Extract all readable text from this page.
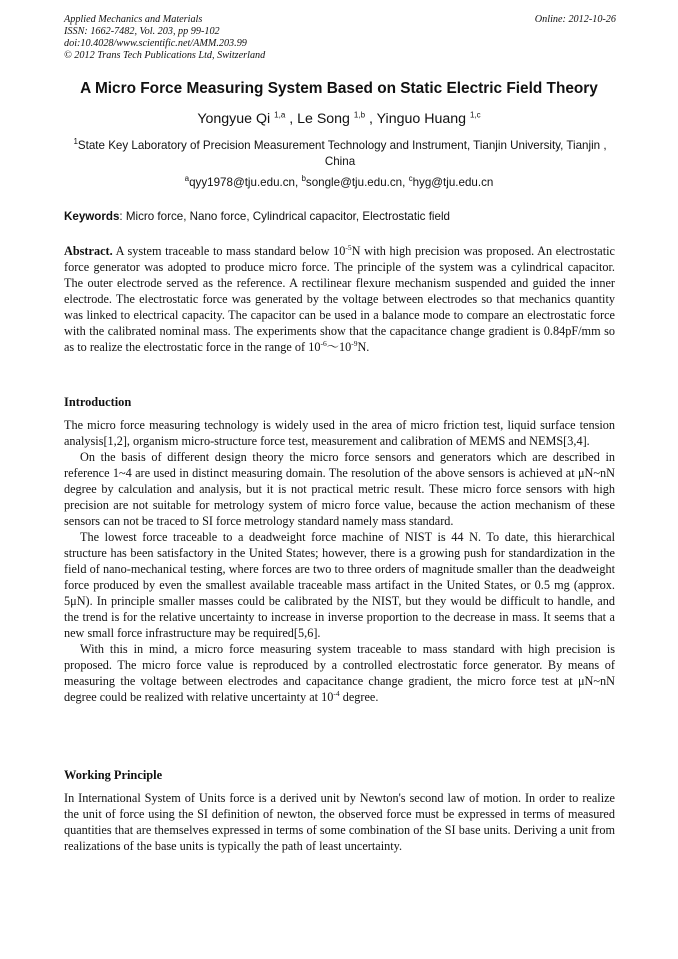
Applied Mechanics and Materials
ISSN: 1662-7482, Vol. 203, pp 99-102
doi:10.4028/www.scientific.net/AMM.203.99
© 2012 Trans Tech Publications Ltd, Switzerland
Online: 2012-10-26
A Micro Force Measuring System Based on Static Electric Field Theory
Yongyue Qi $^{1,a}$ , Le Song $^{1,b}$ , Yinguo Huang $^{1,c}$
$^1$State Key Laboratory of Precision Measurement Technology and Instrument, Tianjin University, Tianjin , China
$^a$qyy1978@tju.edu.cn, $^b$songle@tju.edu.cn, $^c$hyg@tju.edu.cn
Keywords: Micro force, Nano force, Cylindrical capacitor, Electrostatic field
Abstract. A system traceable to mass standard below $10^{-5}N$ with high precision was proposed. An electrostatic force generator was adopted to produce micro force. The principle of the system was a cylindrical capacitor. The outer electrode served as the reference. A rectilinear flexure mechanism suspended and guided the inner electrode. The electrostatic force was generated by the voltage between electrodes so that mechanics quantity was linked to electrical capacity. The capacitor can be used in a balance mode to compare an electrostatic force with the calibrated nominal mass. The experiments show that the capacitance change gradient is 0.84pF/mm so as to realize the electrostatic force in the range of $10^{-6}\sim 10^{-9}N$.
Introduction

The micro force measuring technology is widely used in the area of micro friction test, liquid surface tension analysis[1,2], organism micro-structure force test, measurement and calibration of MEMS and NEMS[3,4].

On the basis of different design theory the micro force sensors and generators which are described in reference 1~4 are used in distinct measuring domain. The resolution of the above sensors is achieved at μN~nN degree by calculation and analysis, but it is not practical metric result. These micro force sensors with high precision are not suitable for metrology system of micro force value, because the action mechanism of these sensors can not be traced to SI force metrology standard namely mass standard.

The lowest force traceable to a deadweight force machine of NIST is 44 N. To date, this hierarchical structure has been satisfactory in the United States; however, there is a growing push for standardization in the field of nano-mechanical testing, where forces are two to three orders of magnitude smaller than the deadweight force produced by even the smallest available traceable mass artifact in the United States, or 0.5 mg (approx. 5μN). In principle smaller masses could be calibrated by the NIST, but they would be difficult to handle, and the trend is for the relative uncertainty to increase in inverse proportion to the decrease in mass. It seems that a new small force infrastructure may be required[5,6].

With this in mind, a micro force measuring system traceable to mass standard with high precision is proposed. The micro force value is reproduced by a controlled electrostatic force generator. By means of measuring the voltage between electrodes and capacitance change gradient, the micro force test at μN~nN degree could be realized with relative uncertainty at $10^{-4}$ degree.

Working Principle

In International System of Units force is a derived unit by Newton's second law of motion. In order to realize the unit of force using the SI definition of newton, the observed force must be expressed in terms of measured quantities that are themselves expressed in terms of some combination of the SI base units. Deriving a unit from realizations of the base units is typically the path of least uncertainty.
